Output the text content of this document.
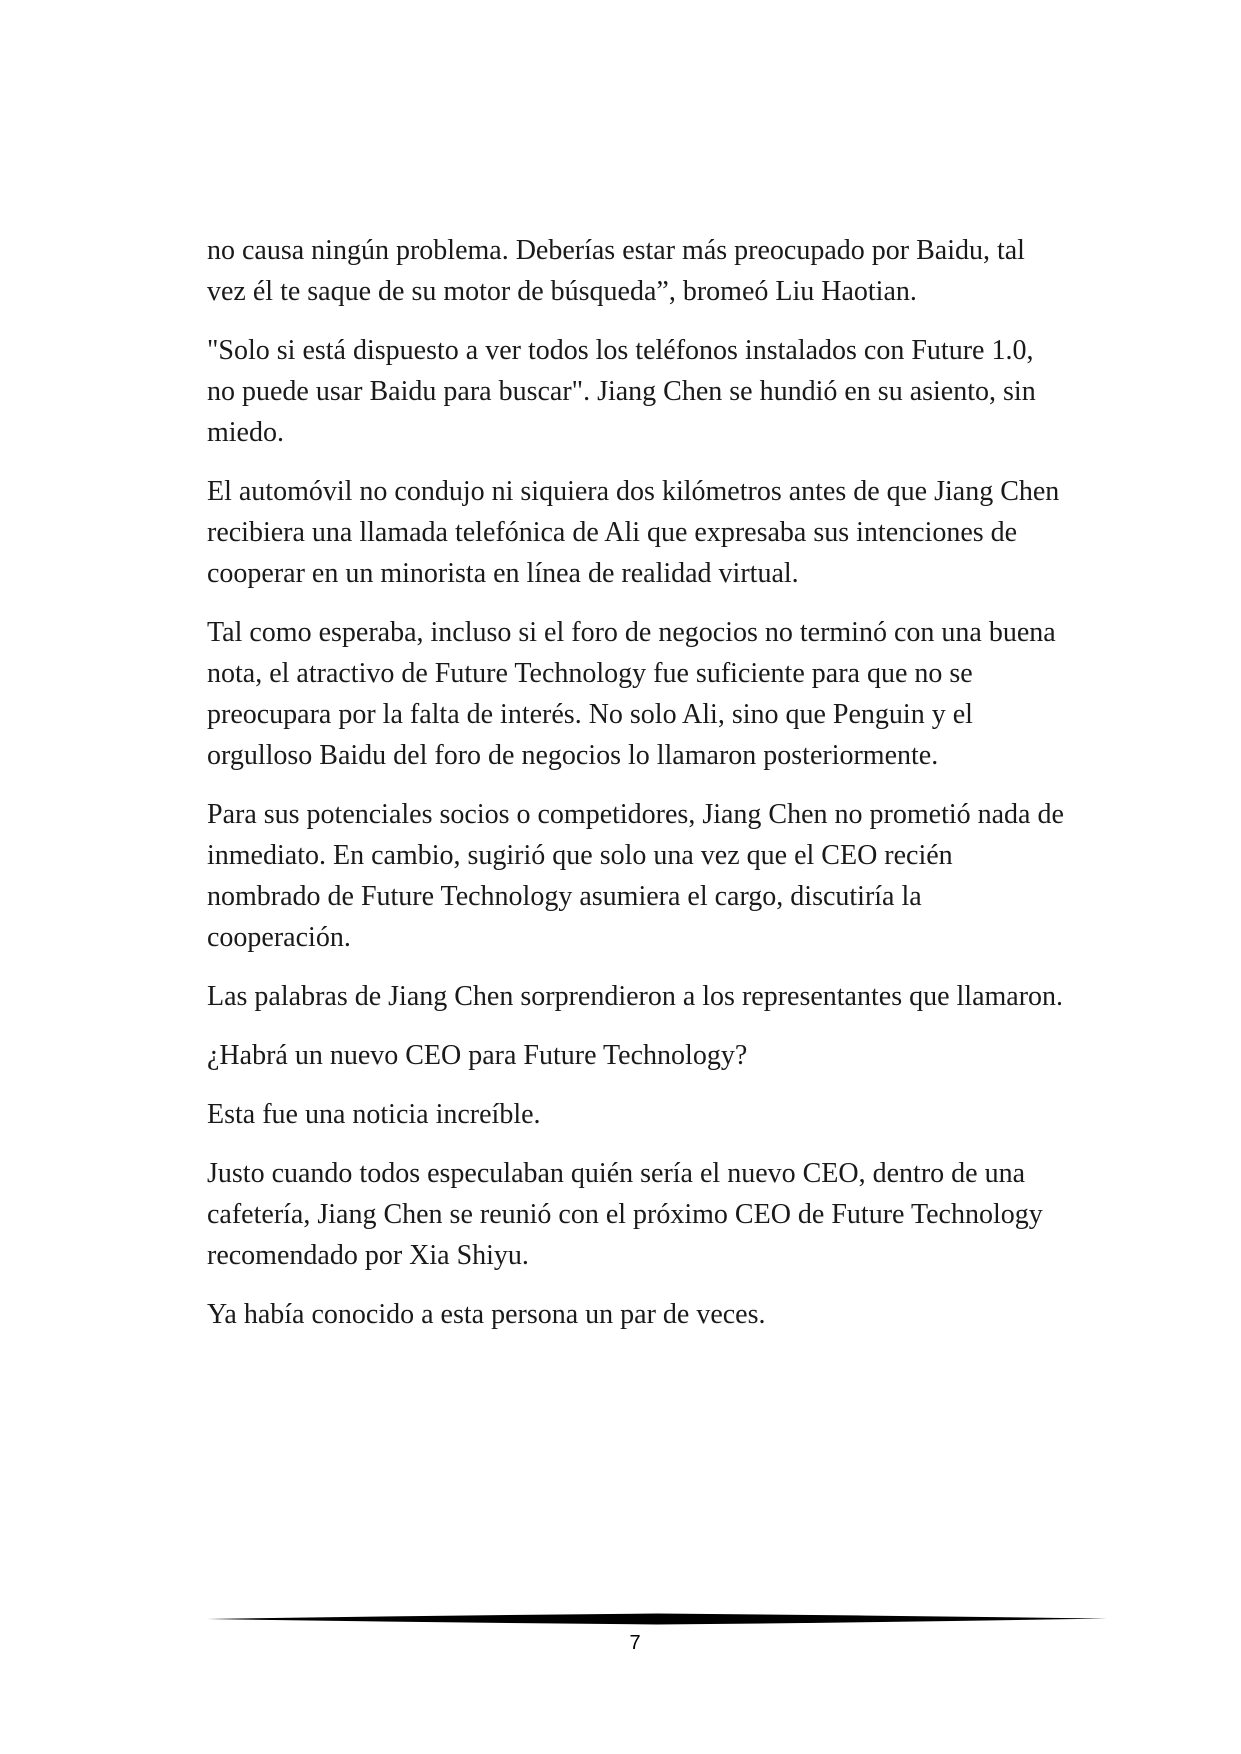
no causa ningún problema. Deberías estar más preocupado por Baidu, tal vez él te saque de su motor de búsqueda”, bromeó Liu Haotian.

"Solo si está dispuesto a ver todos los teléfonos instalados con Future 1.0, no puede usar Baidu para buscar". Jiang Chen se hundió en su asiento, sin miedo.

El automóvil no condujo ni siquiera dos kilómetros antes de que Jiang Chen recibiera una llamada telefónica de Ali que expresaba sus intenciones de cooperar en un minorista en línea de realidad virtual.

Tal como esperaba, incluso si el foro de negocios no terminó con una buena nota, el atractivo de Future Technology fue suficiente para que no se preocupara por la falta de interés. No solo Ali, sino que Penguin y el orgulloso Baidu del foro de negocios lo llamaron posteriormente.

Para sus potenciales socios o competidores, Jiang Chen no prometió nada de inmediato. En cambio, sugirió que solo una vez que el CEO recién nombrado de Future Technology asumiera el cargo, discutiría la cooperación.

Las palabras de Jiang Chen sorprendieron a los representantes que llamaron.

¿Habrá un nuevo CEO para Future Technology?

Esta fue una noticia increíble.

Justo cuando todos especulaban quién sería el nuevo CEO, dentro de una cafetería, Jiang Chen se reunió con el próximo CEO de Future Technology recomendado por Xia Shiyu.

Ya había conocido a esta persona un par de veces.

7
